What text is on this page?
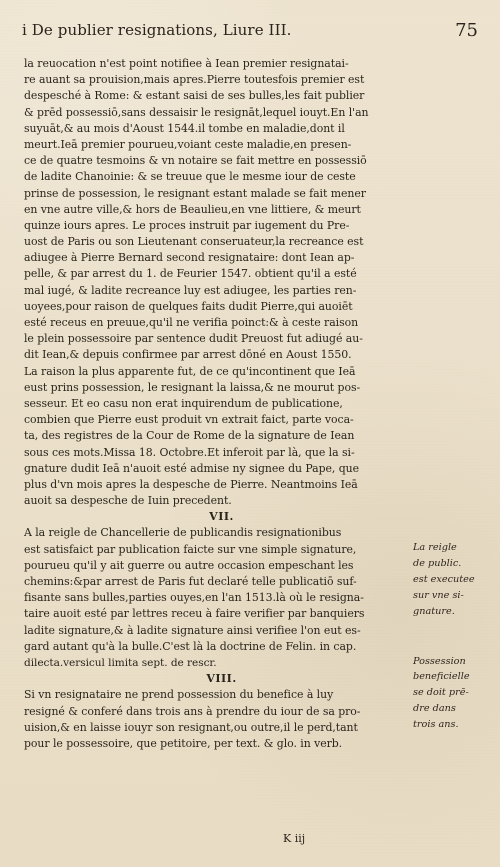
i De publier resignations, Liure III.	75
la reuocation n'est point notifiee à Iean premier resignatai-
re auant sa prouision,mais apres.Pierre toutesfois premier est
despesché à Rome: & estant saisi de ses bulles,les fait publier
& prēd possessiō,sans dessaisir le resignāt,lequel iouyt.En l'an
suyuāt,& au mois d'Aoust 1544.il tombe en maladie,dont il
meurt.Ieā premier pourueu,voiant ceste maladie,en presen-
ce de quatre tesmoins & vn notaire se fait mettre en possessiō
de ladite Chanoinie: & se treuue que le mesme iour de ceste
prinse de possession, le resignant estant malade se fait mener
en vne autre ville,& hors de Beaulieu,en vne littiere, & meurt
quinze iours apres. Le proces instruit par iugement du Pre-
uost de Paris ou son Lieutenant conseruateur,la recreance est
adiugee à Pierre Bernard second resignataire: dont Iean ap-
pelle, & par arrest du 1. de Feurier 1547. obtient qu'il a esté
mal iugé, & ladite recreance luy est adiugee, les parties ren-
uoyees,pour raison de quelques faits dudit Pierre,qui auoiēt
esté receus en preuue,qu'il ne verifia poinct:& à ceste raison
le plein possessoire par sentence dudit Preuost fut adiugé au-
dit Iean,& depuis confirmee par arrest dōné en Aoust 1550.
La raison la plus apparente fut, de ce qu'incontinent que Ieā
eust prins possession, le resignant la laissa,& ne mourut pos-
sesseur. Et eo casu non erat inquirendum de publicatione,
combien que Pierre eust produit vn extrait faict, parte voca-
ta, des registres de la Cour de Rome de la signature de Iean
sous ces mots.Missa 18. Octobre.Et inferoit par là, que la si-
gnature dudit Ieā n'auoit esté admise ny signee du Pape, que
plus d'vn mois apres la despesche de Pierre. Neantmoins Ieā
auoit sa despesche de Iuin precedent.
VII.
A la reigle de Chancellerie de publicandis resignationibus
est satisfaict par publication faicte sur vne simple signature,
pourueu qu'il y ait guerre ou autre occasion empeschant les
chemins:&par arrest de Paris fut declaré telle publicatiō suf-
fisante sans bulles,parties ouyes,en l'an 1513.là où le resigna-
taire auoit esté par lettres receu à faire verifier par banquiers
ladite signature,& à ladite signature ainsi verifiee l'on eut es-
gard autant qu'à la bulle.C'est là la doctrine de Felin. in cap.
dilecta.versicul limita sept. de rescr.
VIII.
Si vn resignataire ne prend possession du benefice à luy
resigné & conferé dans trois ans à prendre du iour de sa pro-
uision,& en laisse iouyr son resignant,ou outre,il le perd,tant
pour le possessoire, que petitoire, per text. & glo. in verb.
La reigle
de public.
est executee
sur vne si-
gnature.
Possession
beneficielle
se doit prē-
dre dans
trois ans.
K iij
